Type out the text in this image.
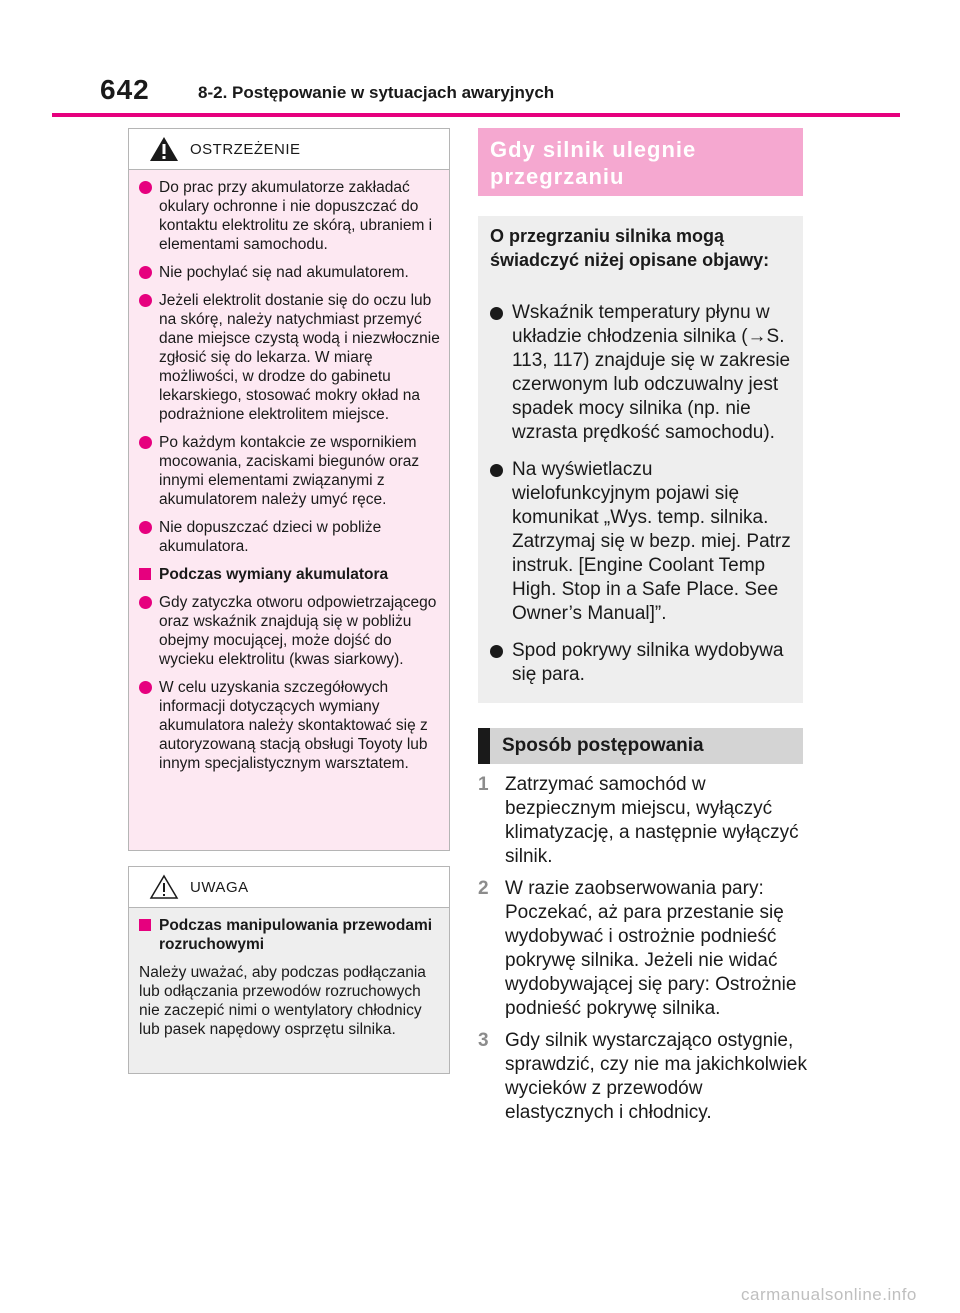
642	8-2. Postępowanie w sytuacjach awaryjnych
OSTRZEŻENIE
Do prac przy akumulatorze zakładać okulary ochronne i nie dopuszczać do kontaktu elektrolitu ze skórą, ubraniem i elementami samochodu.
Nie pochylać się nad akumulatorem.
Jeżeli elektrolit dostanie się do oczu lub na skórę, należy natychmiast przemyć dane miejsce czystą wodą i niezwłocznie zgłosić się do lekarza. W miarę możliwości, w drodze do gabinetu lekarskiego, stosować mokry okład na podrażnione elektrolitem miejsce.
Po każdym kontakcie ze wspornikiem mocowania, zaciskami biegunów oraz innymi elementami związanymi z akumulatorem należy umyć ręce.
Nie dopuszczać dzieci w pobliże akumulatora.
Podczas wymiany akumulatora
Gdy zatyczka otworu odpowietrzającego oraz wskaźnik znajdują się w pobliżu obejmy mocującej, może dojść do wycieku elektrolitu (kwas siarkowy).
W celu uzyskania szczegółowych informacji dotyczących wymiany akumulatora należy skontaktować się z autoryzowaną stacją obsługi Toyoty lub innym specjalistycznym warsztatem.
UWAGA
Podczas manipulowania przewodami rozruchowymi
Należy uważać, aby podczas podłączania lub odłączania przewodów rozruchowych nie zaczepić nimi o wentylatory chłodnicy lub pasek napędowy osprzętu silnika.
Gdy silnik ulegnie przegrzaniu
O przegrzaniu silnika mogą świadczyć niżej opisane objawy:
Wskaźnik temperatury płynu w układzie chłodzenia silnika (→S. 113, 117) znajduje się w zakresie czerwonym lub odczuwalny jest spadek mocy silnika (np. nie wzrasta prędkość samochodu).
Na wyświetlaczu wielofunkcyjnym pojawi się komunikat „Wys. temp. silnika. Zatrzymaj się w bezp. miej. Patrz instruk. [Engine Coolant Temp High. Stop in a Safe Place. See Owner’s Manual]”.
Spod pokrywy silnika wydobywa się para.
Sposób postępowania
1 Zatrzymać samochód w bezpiecznym miejscu, wyłączyć klimatyzację, a następnie wyłączyć silnik.
2 W razie zaobserwowania pary: Poczekać, aż para przestanie się wydobywać i ostrożnie podnieść pokrywę silnika. Jeżeli nie widać wydobywającej się pary: Ostrożnie podnieść pokrywę silnika.
3 Gdy silnik wystarczająco ostygnie, sprawdzić, czy nie ma jakichkolwiek wycieków z przewodów elastycznych i chłodnicy.
carmanualsonline.info
